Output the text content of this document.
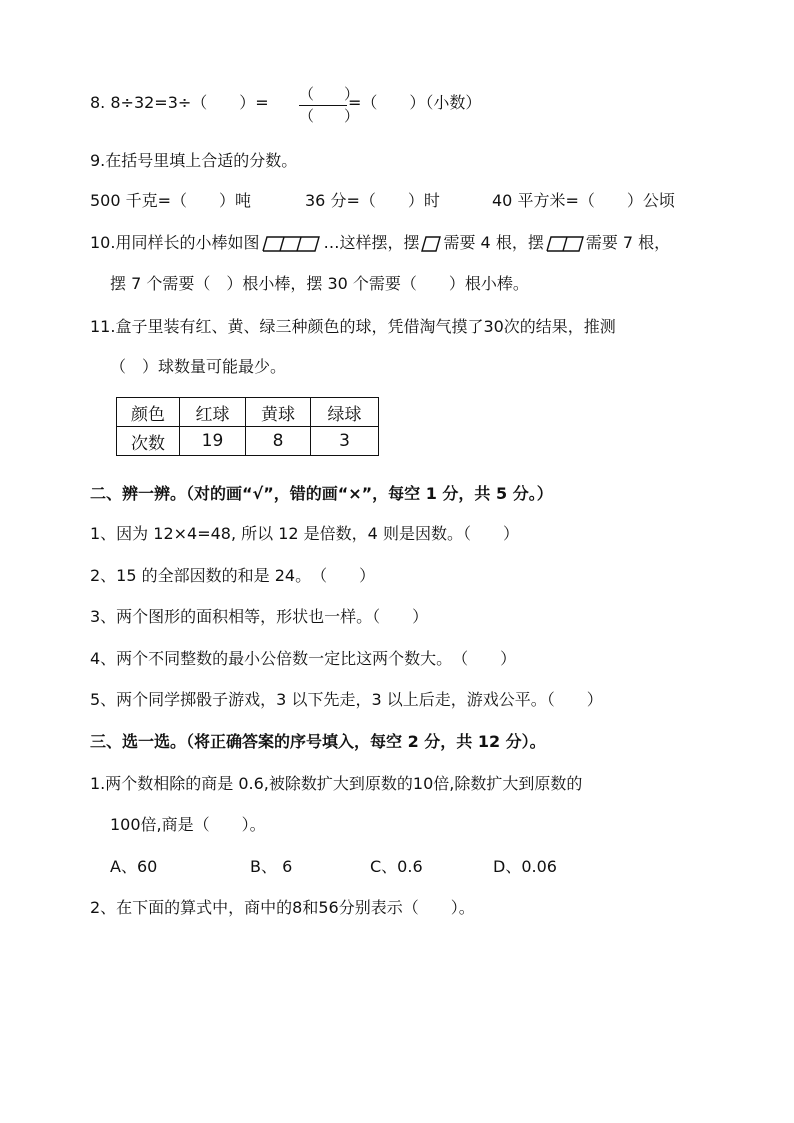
8. 8÷32=3÷（　　）= （　　）
（　　）
=（　　）（小数）
9.在括号里填上合适的分数。
500 千克=（　　）吨	36 分=（　　）时	40 平方米=（　　）公顷
10.用同样长的小棒如图	…这样摆，摆 需要 4 根，摆	需要 7 根，
摆 7 个需要（　）根小棒，摆 30 个需要（　　）根小棒。
11.盒子里装有红、黄、绿三种颜色的球，凭借淘气摸了30次的结果，推测
（　）球数量可能最少。
颜色	红球	黄球	绿球
次数	19	8	3
二、辨一辨。（对的画“√”，错的画“×”，每空 1 分，共 5 分。）
1、因为 12×4=48, 所以 12 是倍数，4 则是因数。（　　）
2、15 的全部因数的和是 24。　（　　）
3、两个图形的面积相等，形状也一样。（　　）
4、两个不同整数的最小公倍数一定比这两个数大。　（　　）
5、两个同学掷骰子游戏，3 以下先走，3 以上后走，游戏公平。（　　）
三、选一选。（将正确答案的序号填入，每空 2 分，共 12 分）。
1.两个数相除的商是 0.6,被除数扩大到原数的10倍,除数扩大到原数的
100倍,商是（　　）。
A、60	B、 6	C、0.6	D、0.06
2、在下面的算式中，商中的8和56分别表示（　　）。
